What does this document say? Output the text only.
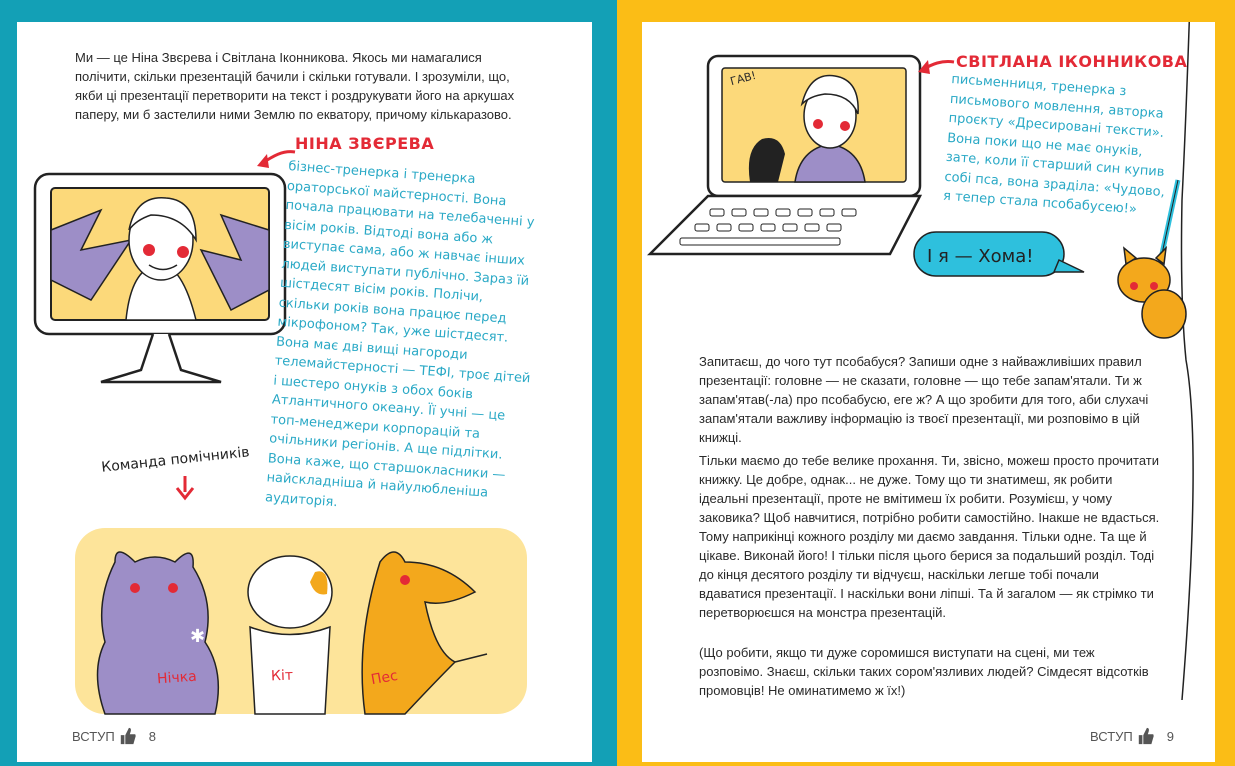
Ми — це Ніна Звєрева і Світлана Іконникова. Якось ми намагалися полічити, скільки презентацій бачили і скільки готували. І зрозуміли, що, якби ці презентації перетворити на текст і роздрукувати його на аркушах паперу, ми б застелили ними Землю по екватору, причому кількаразово.

НІНА ЗВЄРЕВА

бізнес-тренерка і тренерка ораторської майстерності. Вона почала працювати на телебаченні у вісім років. Відтоді вона або ж виступає сама, або ж навчає інших людей виступати публічно. Зараз їй шістдесят вісім років. Полічи, скільки років вона працює перед мікрофоном? Так, уже шістдесят. Вона має дві вищі нагороди телемайстерності — ТЕФІ, троє дітей і шестеро онуків з обох боків Атлантичного океану. Її учні — це топ-менеджери корпорацій та очільники регіонів. А ще підлітки. Вона каже, що старшокласники — найскладніша й найулюбленіша аудиторія.

Команда помічників

✱

Нічка	Кіт	Пес

ВСТУП	8

ГАВ!

СВІТЛАНА ІКОННИКОВА

письменниця, тренерка з письмового мовлення, авторка проєкту «Дресировані тексти». Вона поки що не має онуків, зате, коли її старший син купив собі пса, вона зраділа: «Чудово, я тепер стала псобабусею!»

І я — Хома!

Запитаєш, до чого тут псобабуся? Запиши одне з найважливіших правил презентації: головне — не сказати, головне — що тебе запам'ятали. Ти ж запам'ятав(-ла) про псобабусю, еге ж? А що зробити для того, аби слухачі запам'ятали важливу інформацію із твоєї презентації, ми розповімо в цій книжці.

Тільки маємо до тебе велике прохання. Ти, звісно, можеш просто прочитати книжку. Це добре, однак... не дуже. Тому що ти знатимеш, як робити ідеальні презентації, проте не вмітимеш їх робити. Розумієш, у чому заковика? Щоб навчитися, потрібно робити самостійно. Інакше не вдасться. Тому наприкінці кожного розділу ми даємо завдання. Тільки одне. Та ще й цікаве. Виконай його! І тільки після цього берися за подальший розділ. Тоді до кінця десятого розділу ти відчуєш, наскільки легше тобі почали вдаватися презентації. І наскільки вони ліпші. Та й загалом — як стрімко ти перетворюєшся на монстра презентацій.

(Що робити, якщо ти дуже соромишся виступати на сцені, ми теж розповімо. Знаєш, скільки таких сором'язливих людей? Сімдесят відсотків промовців! Не оминатимемо ж їх!)

ВСТУП	9
